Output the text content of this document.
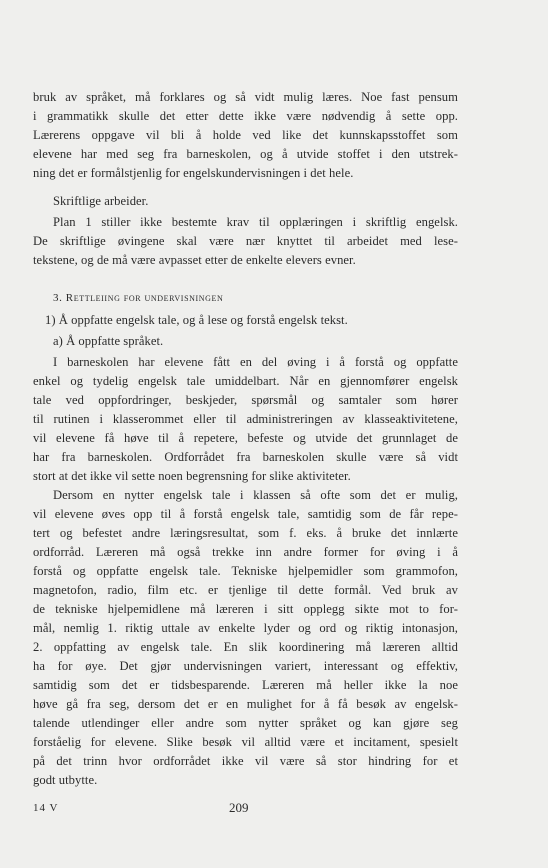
bruk av språket, må forklares og så vidt mulig læres. Noe fast pensum
i grammatikk skulle det etter dette ikke være nødvendig å sette opp.
Lærerens oppgave vil bli å holde ved like det kunnskapsstoffet som
elevene har med seg fra barneskolen, og å utvide stoffet i den utstrek-
ning det er formålstjenlig for engelskundervisningen i det hele.
Skriftlige arbeider.
Plan 1 stiller ikke bestemte krav til opplæringen i skriftlig engelsk.
De skriftlige øvingene skal være nær knyttet til arbeidet med lese-
tekstene, og de må være avpasset etter de enkelte elevers evner.
3. Rettleiing for undervisningen
1) Å oppfatte engelsk tale, og å lese og forstå engelsk tekst.
a) Å oppfatte språket.
I barneskolen har elevene fått en del øving i å forstå og oppfatte
enkel og tydelig engelsk tale umiddelbart. Når en gjennomfører engelsk
tale ved oppfordringer, beskjeder, spørsmål og samtaler som hører
til rutinen i klasserommet eller til administreringen av klasseaktivitetene,
vil elevene få høve til å repetere, befeste og utvide det grunnlaget de
har fra barneskolen. Ordforrådet fra barneskolen skulle være så vidt
stort at det ikke vil sette noen begrensning for slike aktiviteter.
Dersom en nytter engelsk tale i klassen så ofte som det er mulig,
vil elevene øves opp til å forstå engelsk tale, samtidig som de får repe-
tert og befestet andre læringsresultat, som f. eks. å bruke det innlærte
ordforråd. Læreren må også trekke inn andre former for øving i å
forstå og oppfatte engelsk tale. Tekniske hjelpemidler som grammofon,
magnetofon, radio, film etc. er tjenlige til dette formål. Ved bruk av
de tekniske hjelpemidlene må læreren i sitt opplegg sikte mot to for-
mål, nemlig 1. riktig uttale av enkelte lyder og ord og riktig intonasjon,
2. oppfatting av engelsk tale. En slik koordinering må læreren alltid
ha for øye. Det gjør undervisningen variert, interessant og effektiv,
samtidig som det er tidsbesparende. Læreren må heller ikke la noe
høve gå fra seg, dersom det er en mulighet for å få besøk av engelsk-
talende utlendinger eller andre som nytter språket og kan gjøre seg
forståelig for elevene. Slike besøk vil alltid være et incitament, spesielt
på det trinn hvor ordforrådet ikke vil være så stor hindring for et
godt utbytte.
14 V	209
